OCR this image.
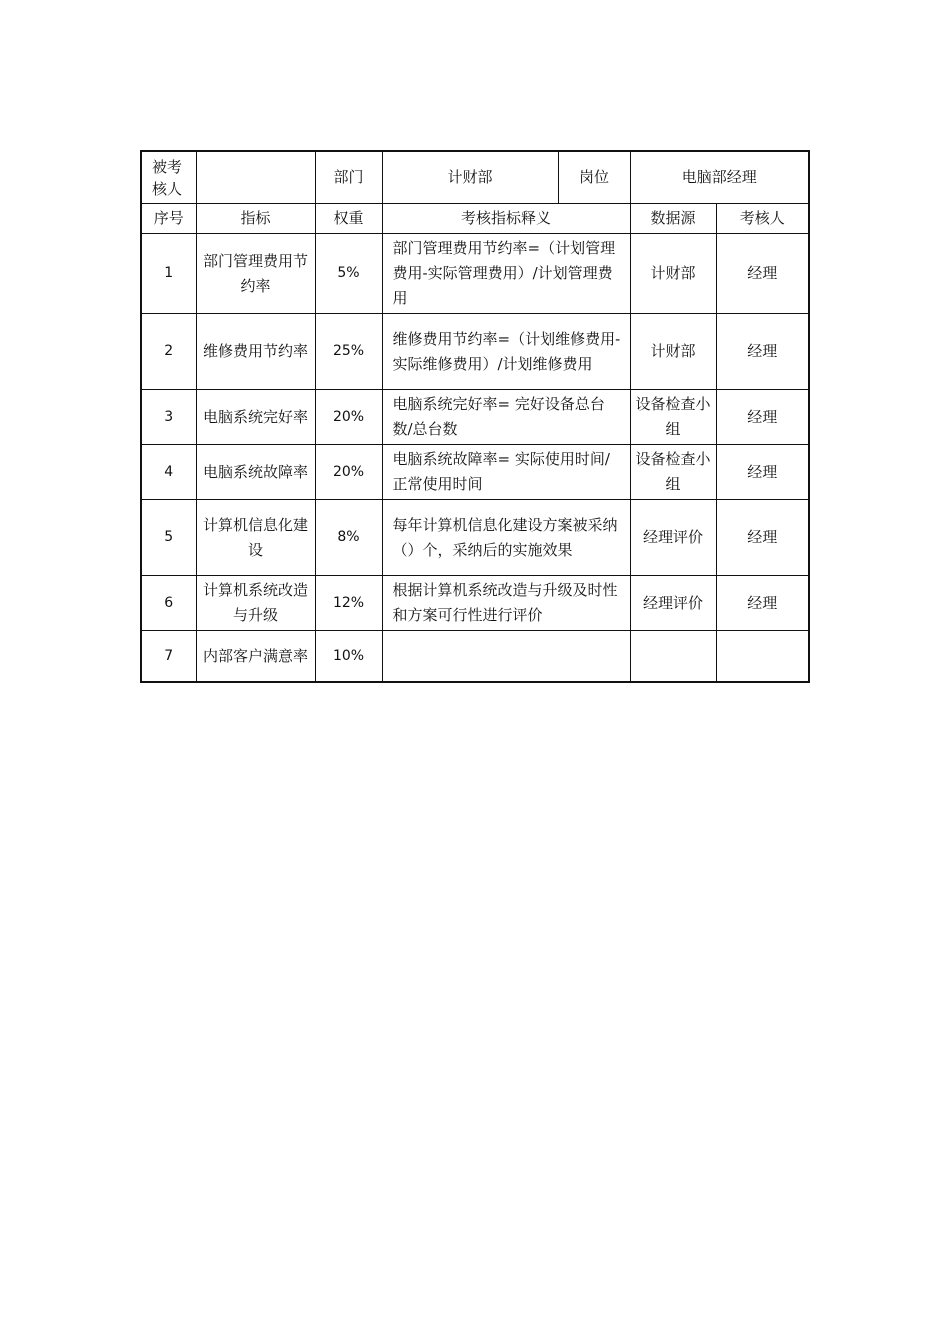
被考核人		部门	计财部	岗位	电脑部经理	
序号	指标	权重	考核指标释义		数据源	考核人
1	部门管理费用节约率	5%	部门管理费用节约率=（计划管理费用-实际管理费用）/计划管理费用		计财部	经理
2	维修费用节约率	25%	维修费用节约率=（计划维修费用-实际维修费用）/计划维修费用		计财部	经理
3	电脑系统完好率	20%	电脑系统完好率= 完好设备总台数/总台数		设备检查小组	经理
4	电脑系统故障率	20%	电脑系统故障率= 实际使用时间/正常使用时间		设备检查小组	经理
5	计算机信息化建设	8%	每年计算机信息化建设方案被采纳（）个，采纳后的实施效果		经理评价	经理
6	计算机系统改造与升级	12%	根据计算机系统改造与升级及时性和方案可行性进行评价		经理评价	经理
7	内部客户满意率	10%				
